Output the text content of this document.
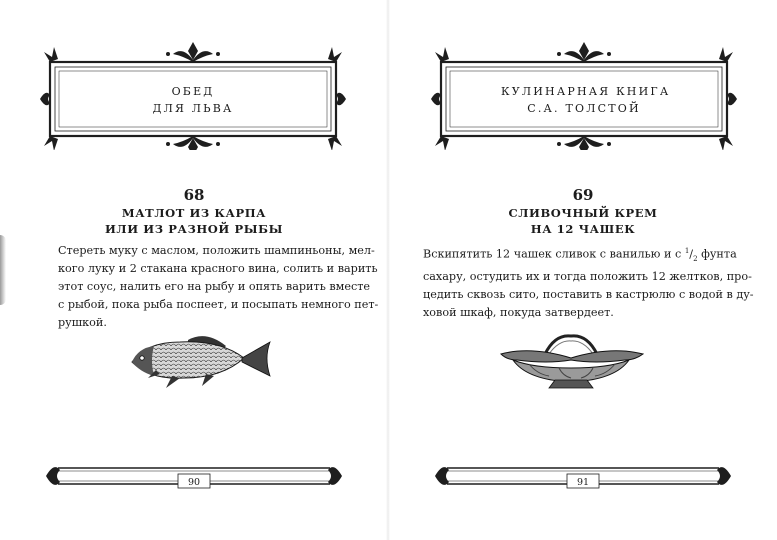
ОБЕД
ДЛЯ ЛЬВА
68
МАТЛОТ ИЗ КАРПА
ИЛИ ИЗ РАЗНОЙ РЫБЫ
Стереть муку с маслом, положить шампиньоны, мел-
кого луку и 2 стакана красного вина, солить и варить
этот соус, налить его на рыбу и опять варить вместе
с рыбой, пока рыба поспеет, и посыпать немного пет-
рушкой.
90
КУЛИНАРНАЯ КНИГА
С.А. ТОЛСТОЙ
69
СЛИВОЧНЫЙ КРЕМ
НА 12 ЧАШЕК
Вскипятить 12 чашек сливок с ванилью и с $^1/_2$ фунта
сахару, остудить их и тогда положить 12 желтков, про-
цедить сквозь сито, поставить в кастрюлю с водой в ду-
ховой шкаф, покуда затвердеет.
91
